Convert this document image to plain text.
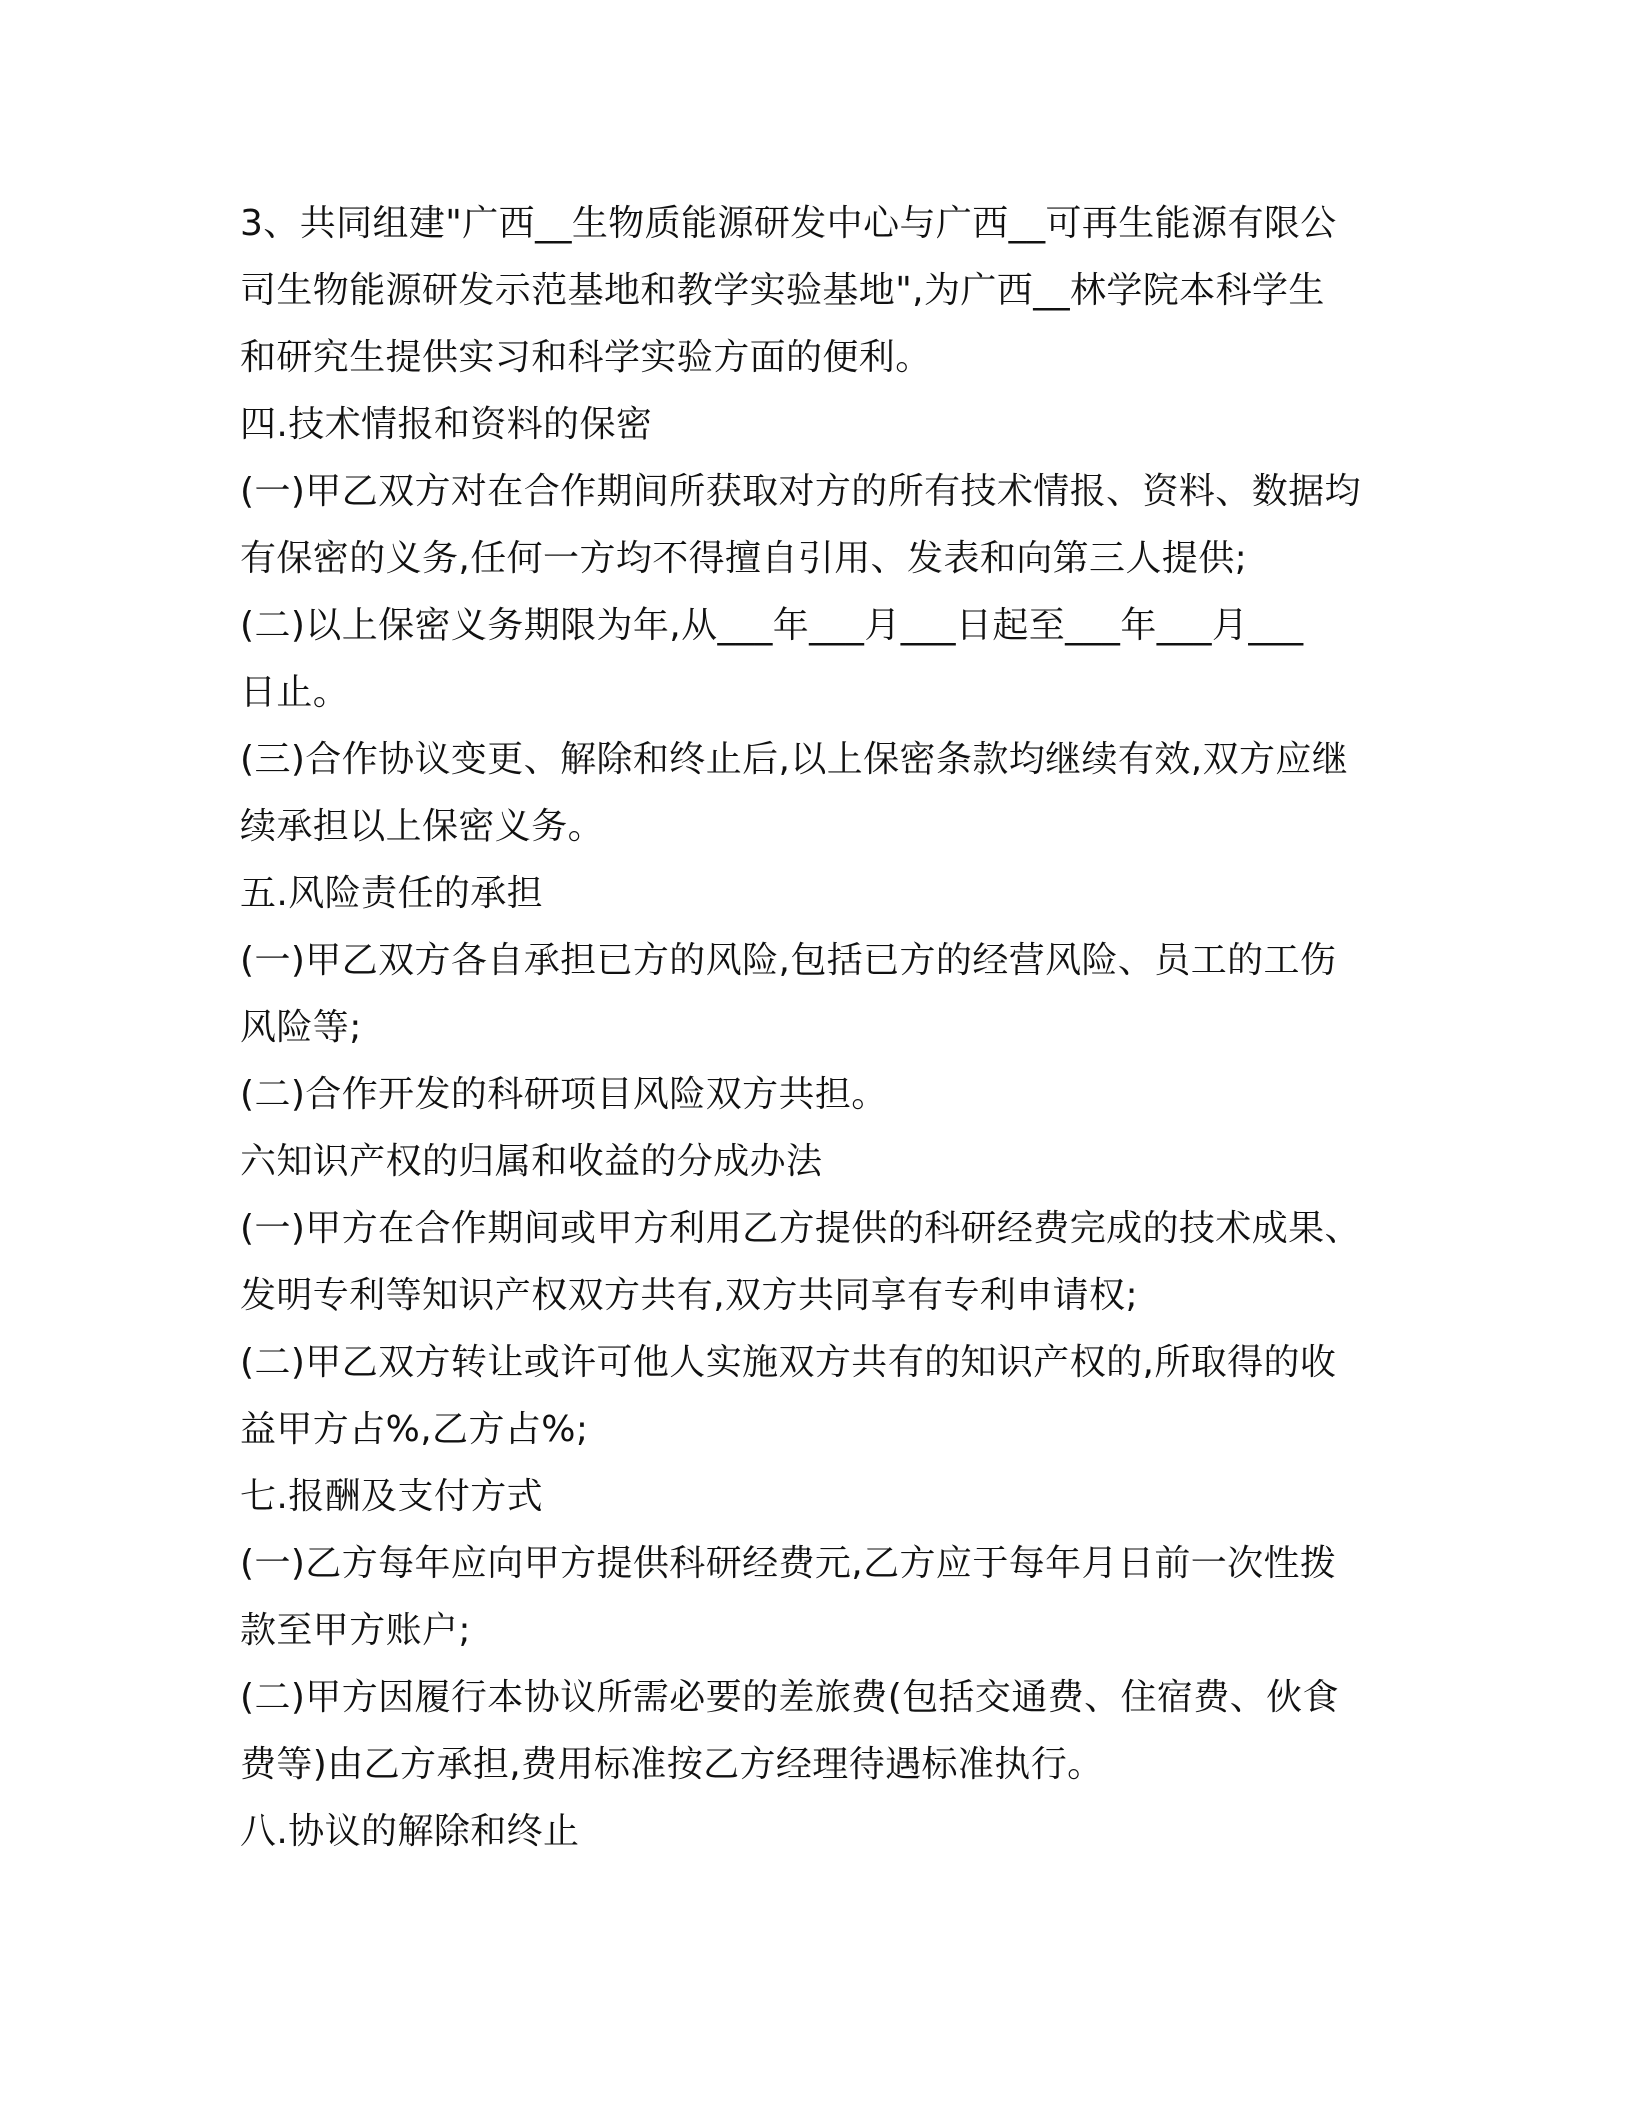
3、共同组建"广西__生物质能源研发中心与广西__可再生能源有限公
司生物能源研发示范基地和教学实验基地",为广西__林学院本科学生
和研究生提供实习和科学实验方面的便利。
四.技术情报和资料的保密
(一)甲乙双方对在合作期间所获取对方的所有技术情报、资料、数据均
有保密的义务,任何一方均不得擅自引用、发表和向第三人提供;
(二)以上保密义务期限为年,从___年___月___日起至___年___月___
日止。
(三)合作协议变更、解除和终止后,以上保密条款均继续有效,双方应继
续承担以上保密义务。
五.风险责任的承担
(一)甲乙双方各自承担已方的风险,包括已方的经营风险、员工的工伤
风险等;
(二)合作开发的科研项目风险双方共担。
六知识产权的归属和收益的分成办法
(一)甲方在合作期间或甲方利用乙方提供的科研经费完成的技术成果、
发明专利等知识产权双方共有,双方共同享有专利申请权;
(二)甲乙双方转让或许可他人实施双方共有的知识产权的,所取得的收
益甲方占%,乙方占%;
七.报酬及支付方式
(一)乙方每年应向甲方提供科研经费元,乙方应于每年月日前一次性拨
款至甲方账户;
(二)甲方因履行本协议所需必要的差旅费(包括交通费、住宿费、伙食
费等)由乙方承担,费用标准按乙方经理待遇标准执行。
八.协议的解除和终止
